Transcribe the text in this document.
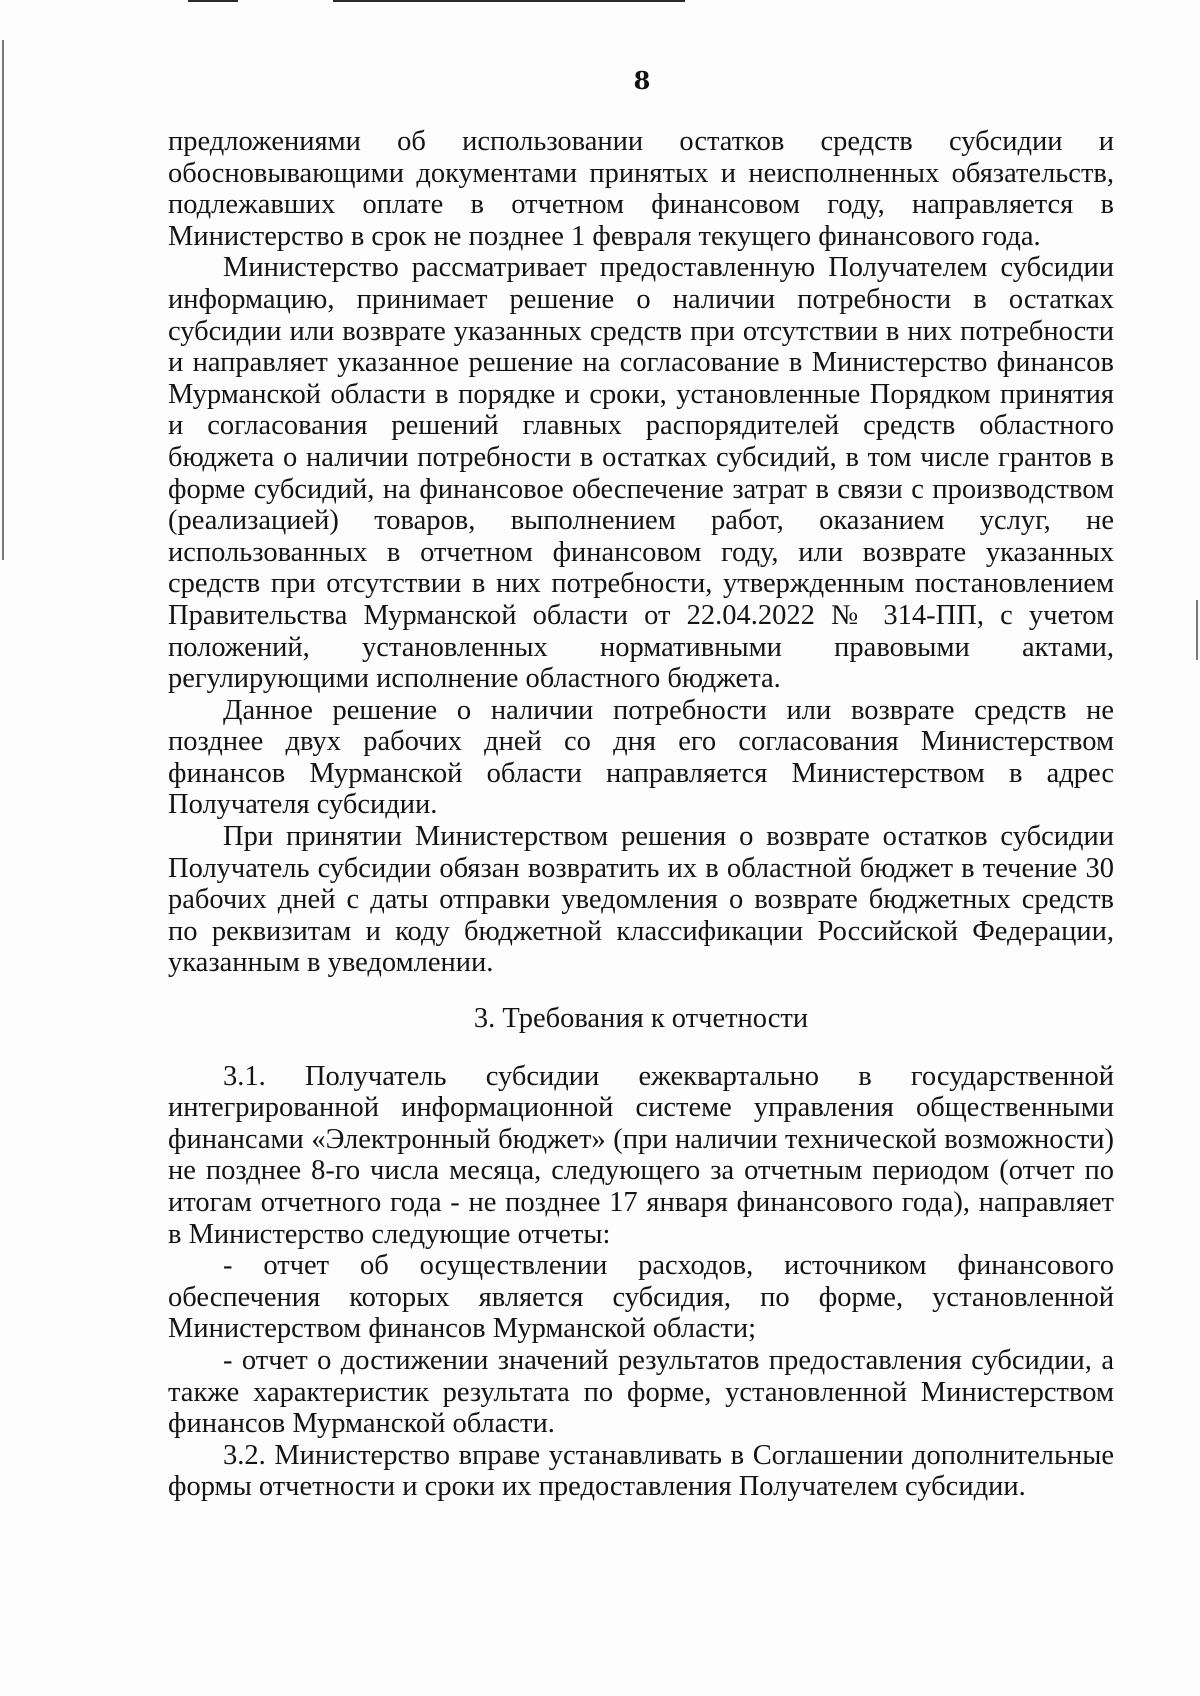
8

предложениями об использовании остатков средств субсидии и обосновывающими документами принятых и неисполненных обязательств, подлежавших оплате в отчетном финансовом году, направляется в Министерство в срок не позднее 1 февраля текущего финансового года.

Министерство рассматривает предоставленную Получателем субсидии информацию, принимает решение о наличии потребности в остатках субсидии или возврате указанных средств при отсутствии в них потребности и направляет указанное решение на согласование в Министерство финансов Мурманской области в порядке и сроки, установленные Порядком принятия и согласования решений главных распорядителей средств областного бюджета о наличии потребности в остатках субсидий, в том числе грантов в форме субсидий, на финансовое обеспечение затрат в связи с производством (реализацией) товаров, выполнением работ, оказанием услуг, не использованных в отчетном финансовом году, или возврате указанных средств при отсутствии в них потребности, утвержденным постановлением Правительства Мурманской области от 22.04.2022 № 314-ПП, с учетом положений, установленных нормативными правовыми актами, регулирующими исполнение областного бюджета.

Данное решение о наличии потребности или возврате средств не позднее двух рабочих дней со дня его согласования Министерством финансов Мурманской области направляется Министерством в адрес Получателя субсидии.

При принятии Министерством решения о возврате остатков субсидии Получатель субсидии обязан возвратить их в областной бюджет в течение 30 рабочих дней с даты отправки уведомления о возврате бюджетных средств по реквизитам и коду бюджетной классификации Российской Федерации, указанным в уведомлении.

3. Требования к отчетности

3.1. Получатель субсидии ежеквартально в государственной интегрированной информационной системе управления общественными финансами «Электронный бюджет» (при наличии технической возможности) не позднее 8-го числа месяца, следующего за отчетным периодом (отчет по итогам отчетного года - не позднее 17 января финансового года), направляет в Министерство следующие отчеты:

- отчет об осуществлении расходов, источником финансового обеспечения которых является субсидия, по форме, установленной Министерством финансов Мурманской области;

- отчет о достижении значений результатов предоставления субсидии, а также характеристик результата по форме, установленной Министерством финансов Мурманской области.

3.2. Министерство вправе устанавливать в Соглашении дополнительные формы отчетности и сроки их предоставления Получателем субсидии.
